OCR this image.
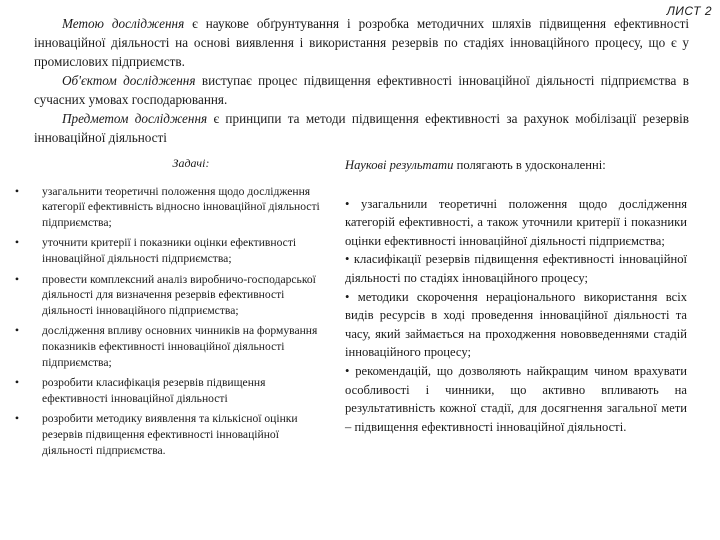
ЛИСТ 2

Метою дослідження є наукове обґрунтування і розробка методичних шляхів підвищення ефективності інноваційної діяльності на основі виявлення і використання резервів по стадіях інноваційного процесу, що є у промислових підприємств.

Об'єктом дослідження виступає процес підвищення ефективності інноваційної діяльності підприємства в сучасних умовах господарювання.

Предметом дослідження є принципи та методи підвищення ефективності за рахунок мобілізації резервів інноваційної діяльності

Задачі:
•	узагальнити теоретичні положення щодо дослідження категорії ефективність відносно інноваційної діяльності підприємства;
•	уточнити критерії і показники оцінки ефективності інноваційної діяльності підприємства;
•	провести комплексний аналіз виробничо-господарської діяльності для визначення резервів ефективності діяльності інноваційного підприємства;
•	дослідження впливу основних чинників на формування показників ефективності інноваційної діяльності підприємства;
•	розробити класифікація резервів підвищення ефективності інноваційної діяльності
•	розробити методику виявлення та кількісної оцінки резервів підвищення ефективності інноваційної діяльності підприємства.
Наукові результати полягають в удосконаленні:

• узагальнили теоретичні положення щодо дослідження категорій ефективності, а також уточнили критерії і показники оцінки ефективності інноваційної діяльності підприємства;

• класифікації резервів підвищення ефективності інноваційної діяльності по стадіях інноваційного процесу;

• методики скорочення нераціонального використання всіх видів ресурсів в ході проведення інноваційної діяльності та часу, який займається на проходження нововведеннями стадій інноваційного процесу;

• рекомендацій, що дозволяють найкращим чином врахувати особливості і чинники, що активно впливають на результативність кожної стадії, для досягнення загальної мети – підвищення ефективності інноваційної діяльності.
